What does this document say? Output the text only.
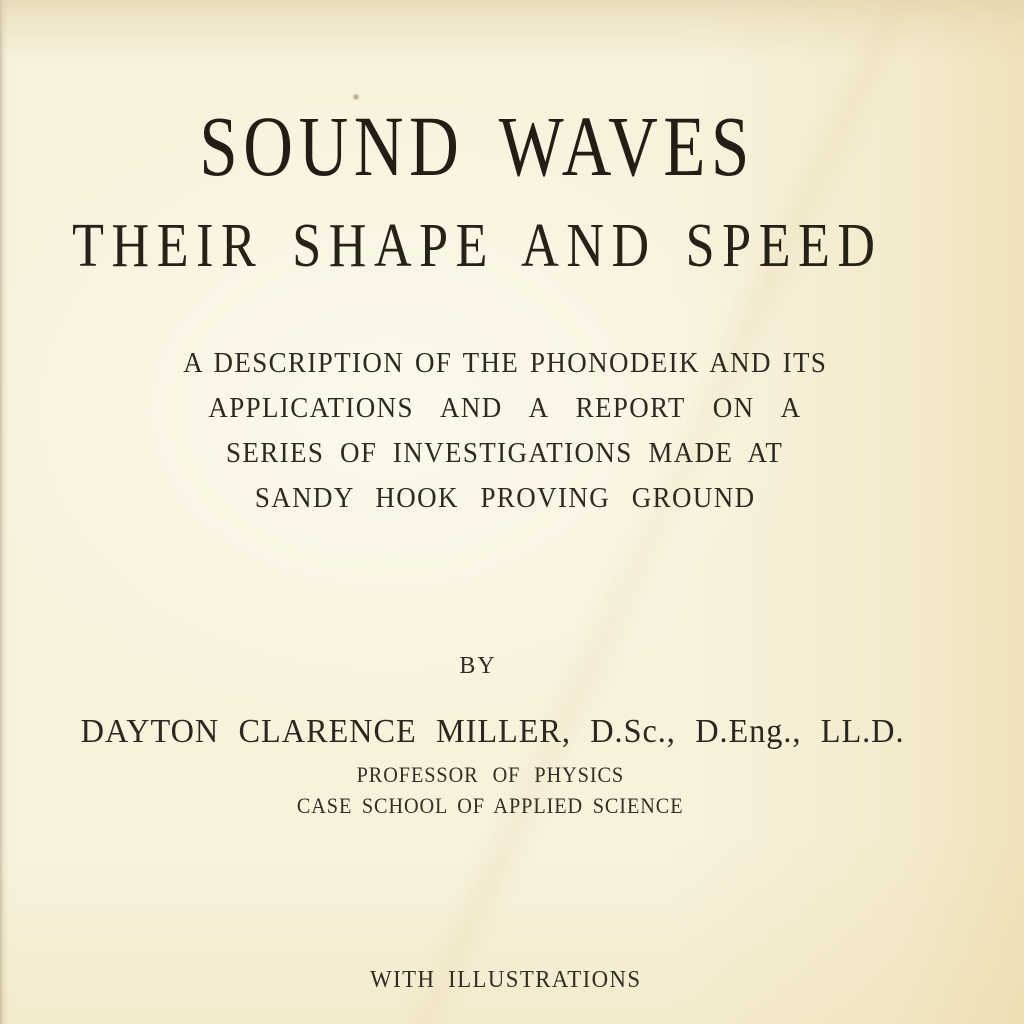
SOUND WAVES
THEIR SHAPE AND SPEED
A DESCRIPTION OF THE PHONODEIK AND ITS
APPLICATIONS AND A REPORT ON A
SERIES OF INVESTIGATIONS MADE AT
SANDY HOOK PROVING GROUND
BY
DAYTON CLARENCE MILLER, D.Sc., D.Eng., LL.D.
PROFESSOR OF PHYSICS
CASE SCHOOL OF APPLIED SCIENCE
WITH ILLUSTRATIONS
